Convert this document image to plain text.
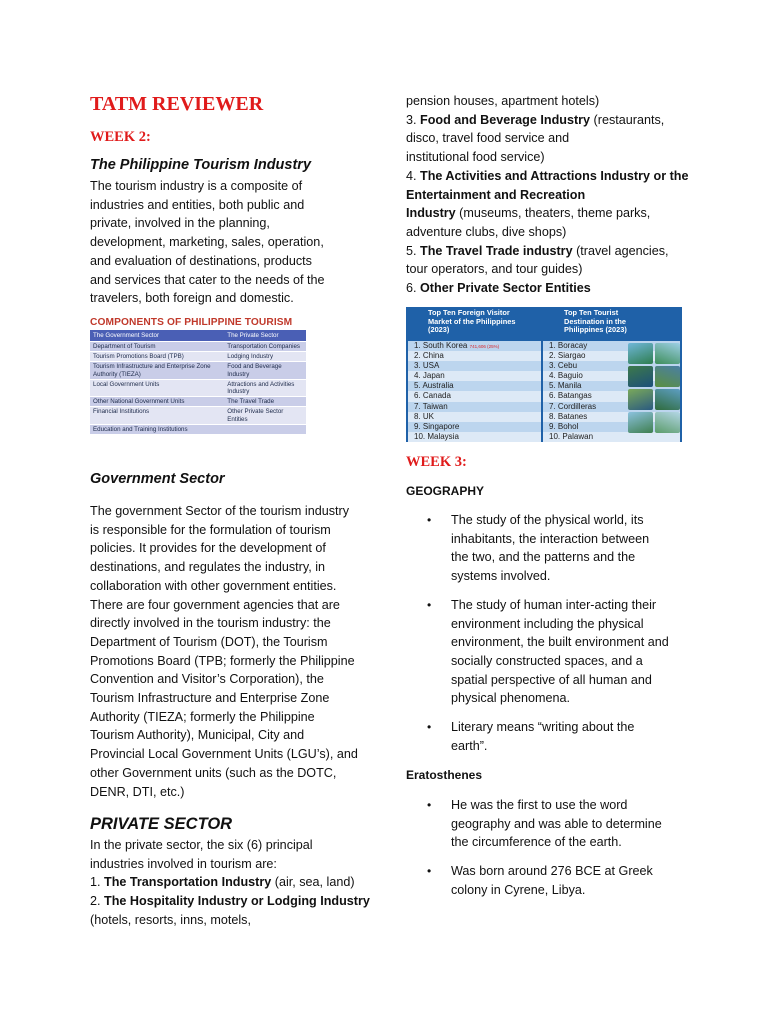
TATM REVIEWER
WEEK 2:
The Philippine Tourism Industry

The tourism industry is a composite of

industries and entities, both public and

private, involved in the planning,

development, marketing, sales, operation,

and evaluation of destinations, products

and services that cater to the needs of the

travelers, both foreign and domestic.

COMPONENTS OF PHILIPPINE TOURISM
The Government Sector	The Private Sector
Department of Tourism	Transportation Companies
Tourism Promotions Board (TPB)	Lodging Industry
Tourism Infrastructure and Enterprise Zone Authority (TIEZA)	Food and Beverage Industry
Local Government Units	Attractions and Activities Industry
Other National Government Units	The Travel Trade
Financial Institutions	Other Private Sector Entities
Education and Training Institutions	
Government Sector

The government Sector of the tourism industry

is responsible for the formulation of tourism

policies. It provides for the development of

destinations, and regulates the industry, in

collaboration with other government entities.

There are four government agencies that are

directly involved in the tourism industry: the

Department of Tourism (DOT), the Tourism

Promotions Board (TPB; formerly the Philippine

Convention and Visitor’s Corporation), the

Tourism Infrastructure and Enterprise Zone

Authority (TIEZA; formerly the Philippine

Tourism Authority), Municipal, City and

Provincial Local Government Units (LGU’s), and

other Government units (such as the DOTC,

DENR, DTI, etc.)

PRIVATE SECTOR

In the private sector, the six (6) principal

industries involved in tourism are:

1. The Transportation Industry (air, sea, land)

2. The Hospitality Industry or Lodging Industry

(hotels, resorts, inns, motels,

pension houses, apartment hotels)

3. Food and Beverage Industry (restaurants,

disco, travel food service and

institutional food service)

4. The Activities and Attractions Industry or the

Entertainment and Recreation

Industry (museums, theaters, theme parks,

adventure clubs, dive shops)

5. The Travel Trade industry (travel agencies,

tour operators, and tour guides)

6. Other Private Sector Entities

Top Ten Foreign Visitor
Market of the Philippines
(2023)
Top Ten Tourist
Destination in the
Philippines (2023)
1. South Korea 741,606 (25%)
2. China
3. USA
4. Japan
5. Australia
6. Canada
7. Taiwan
8. UK
9. Singapore
10. Malaysia
1. Boracay
2. Siargao
3. Cebu
4. Baguio
5. Manila
6. Batangas
7. Cordilleras
8. Batanes
9. Bohol
10. Palawan
WEEK 3:
GEOGRAPHY
• The study of the physical world, its
inhabitants, the interaction between
the two, and the patterns and the
systems involved.
• The study of human inter-acting their
environment including the physical
environment, the built environment and
socially constructed spaces, and a
spatial perspective of all human and
physical phenomena.
• Literary means “writing about the
earth”.
Eratosthenes
• He was the first to use the word
geography and was able to determine
the circumference of the earth.
• Was born around 276 BCE at Greek
colony in Cyrene, Libya.
